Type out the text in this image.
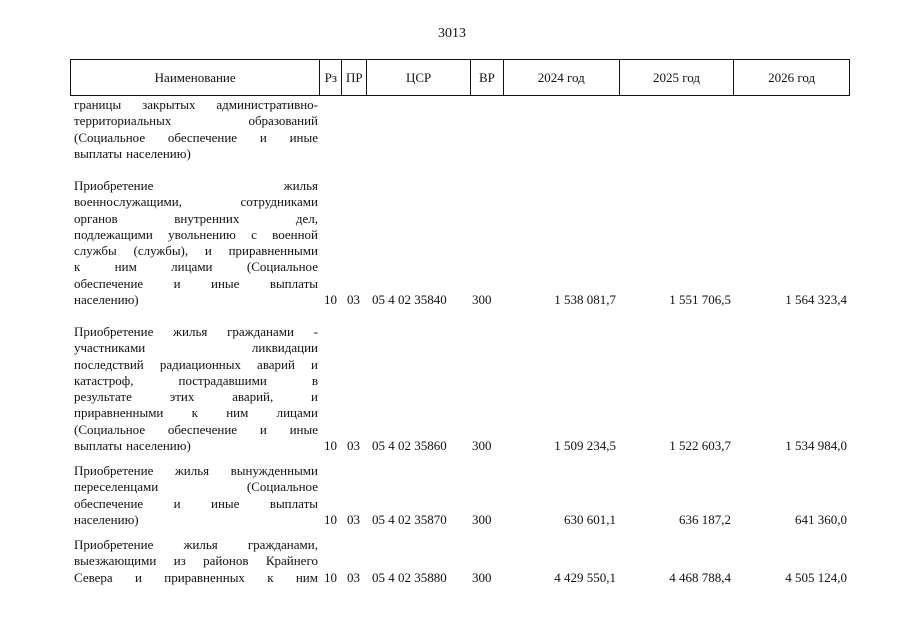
3013
Наименование	Рз ПР	ЦСР	ВР	2024 год	2025 год	2026 год
границы закрытых административно-
территориальных	образований
(Социальное обеспечение и иные
выплаты населению)
Приобретение	жилья
военнослужащими,	сотрудниками
органов	внутренних	дел,
подлежащими увольнению с военной
службы (службы), и приравненными
к	ним	лицами	(Социальное
обеспечение и иные выплаты
населению)	10 03 05 4 02 35840 300	1 538 081,7	1 551 706,5	1 564 323,4
Приобретение жилья гражданами -
участниками	ликвидации
последствий радиационных аварий и
катастроф,	пострадавшими	в
результате	этих	аварий,	и
приравненными к ним лицами
(Социальное обеспечение и иные
выплаты населению)	10 03 05 4 02 35860 300	1 509 234,5	1 522 603,7	1 534 984,0
Приобретение жилья вынужденными
переселенцами	(Социальное
обеспечение и иные выплаты
населению)	10 03 05 4 02 35870 300	630 601,1	636 187,2	641 360,0
Приобретение жилья гражданами,
выезжающими из районов Крайнего
Севера и приравненных к ним 10 03 05 4 02 35880 300	4 429 550,1	4 468 788,4	4 505 124,0
